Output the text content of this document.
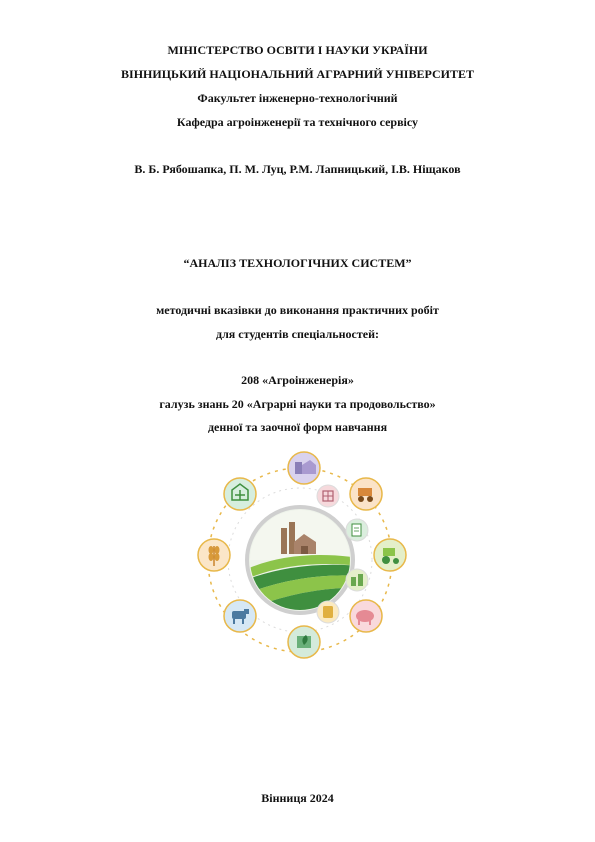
МІНІСТЕРСТВО ОСВІТИ І НАУКИ УКРАЇНИ
ВІННИЦЬКИЙ НАЦІОНАЛЬНИЙ АГРАРНИЙ УНІВЕРСИТЕТ
Факультет інженерно-технологічний
Кафедра агроінженерії та технічного сервісу
В. Б. Рябошапка, П. М. Луц, Р.М. Лапницький, І.В. Ніщаков
“АНАЛІЗ ТЕХНОЛОГІЧНИХ СИСТЕМ”
методичні вказівки до виконання практичних робіт
для студентів спеціальностей:
208 «Агроінженерія»
галузь знань 20 «Аграрні науки та продовольство»
денної та заочної форм навчання
Вінниця 2024
